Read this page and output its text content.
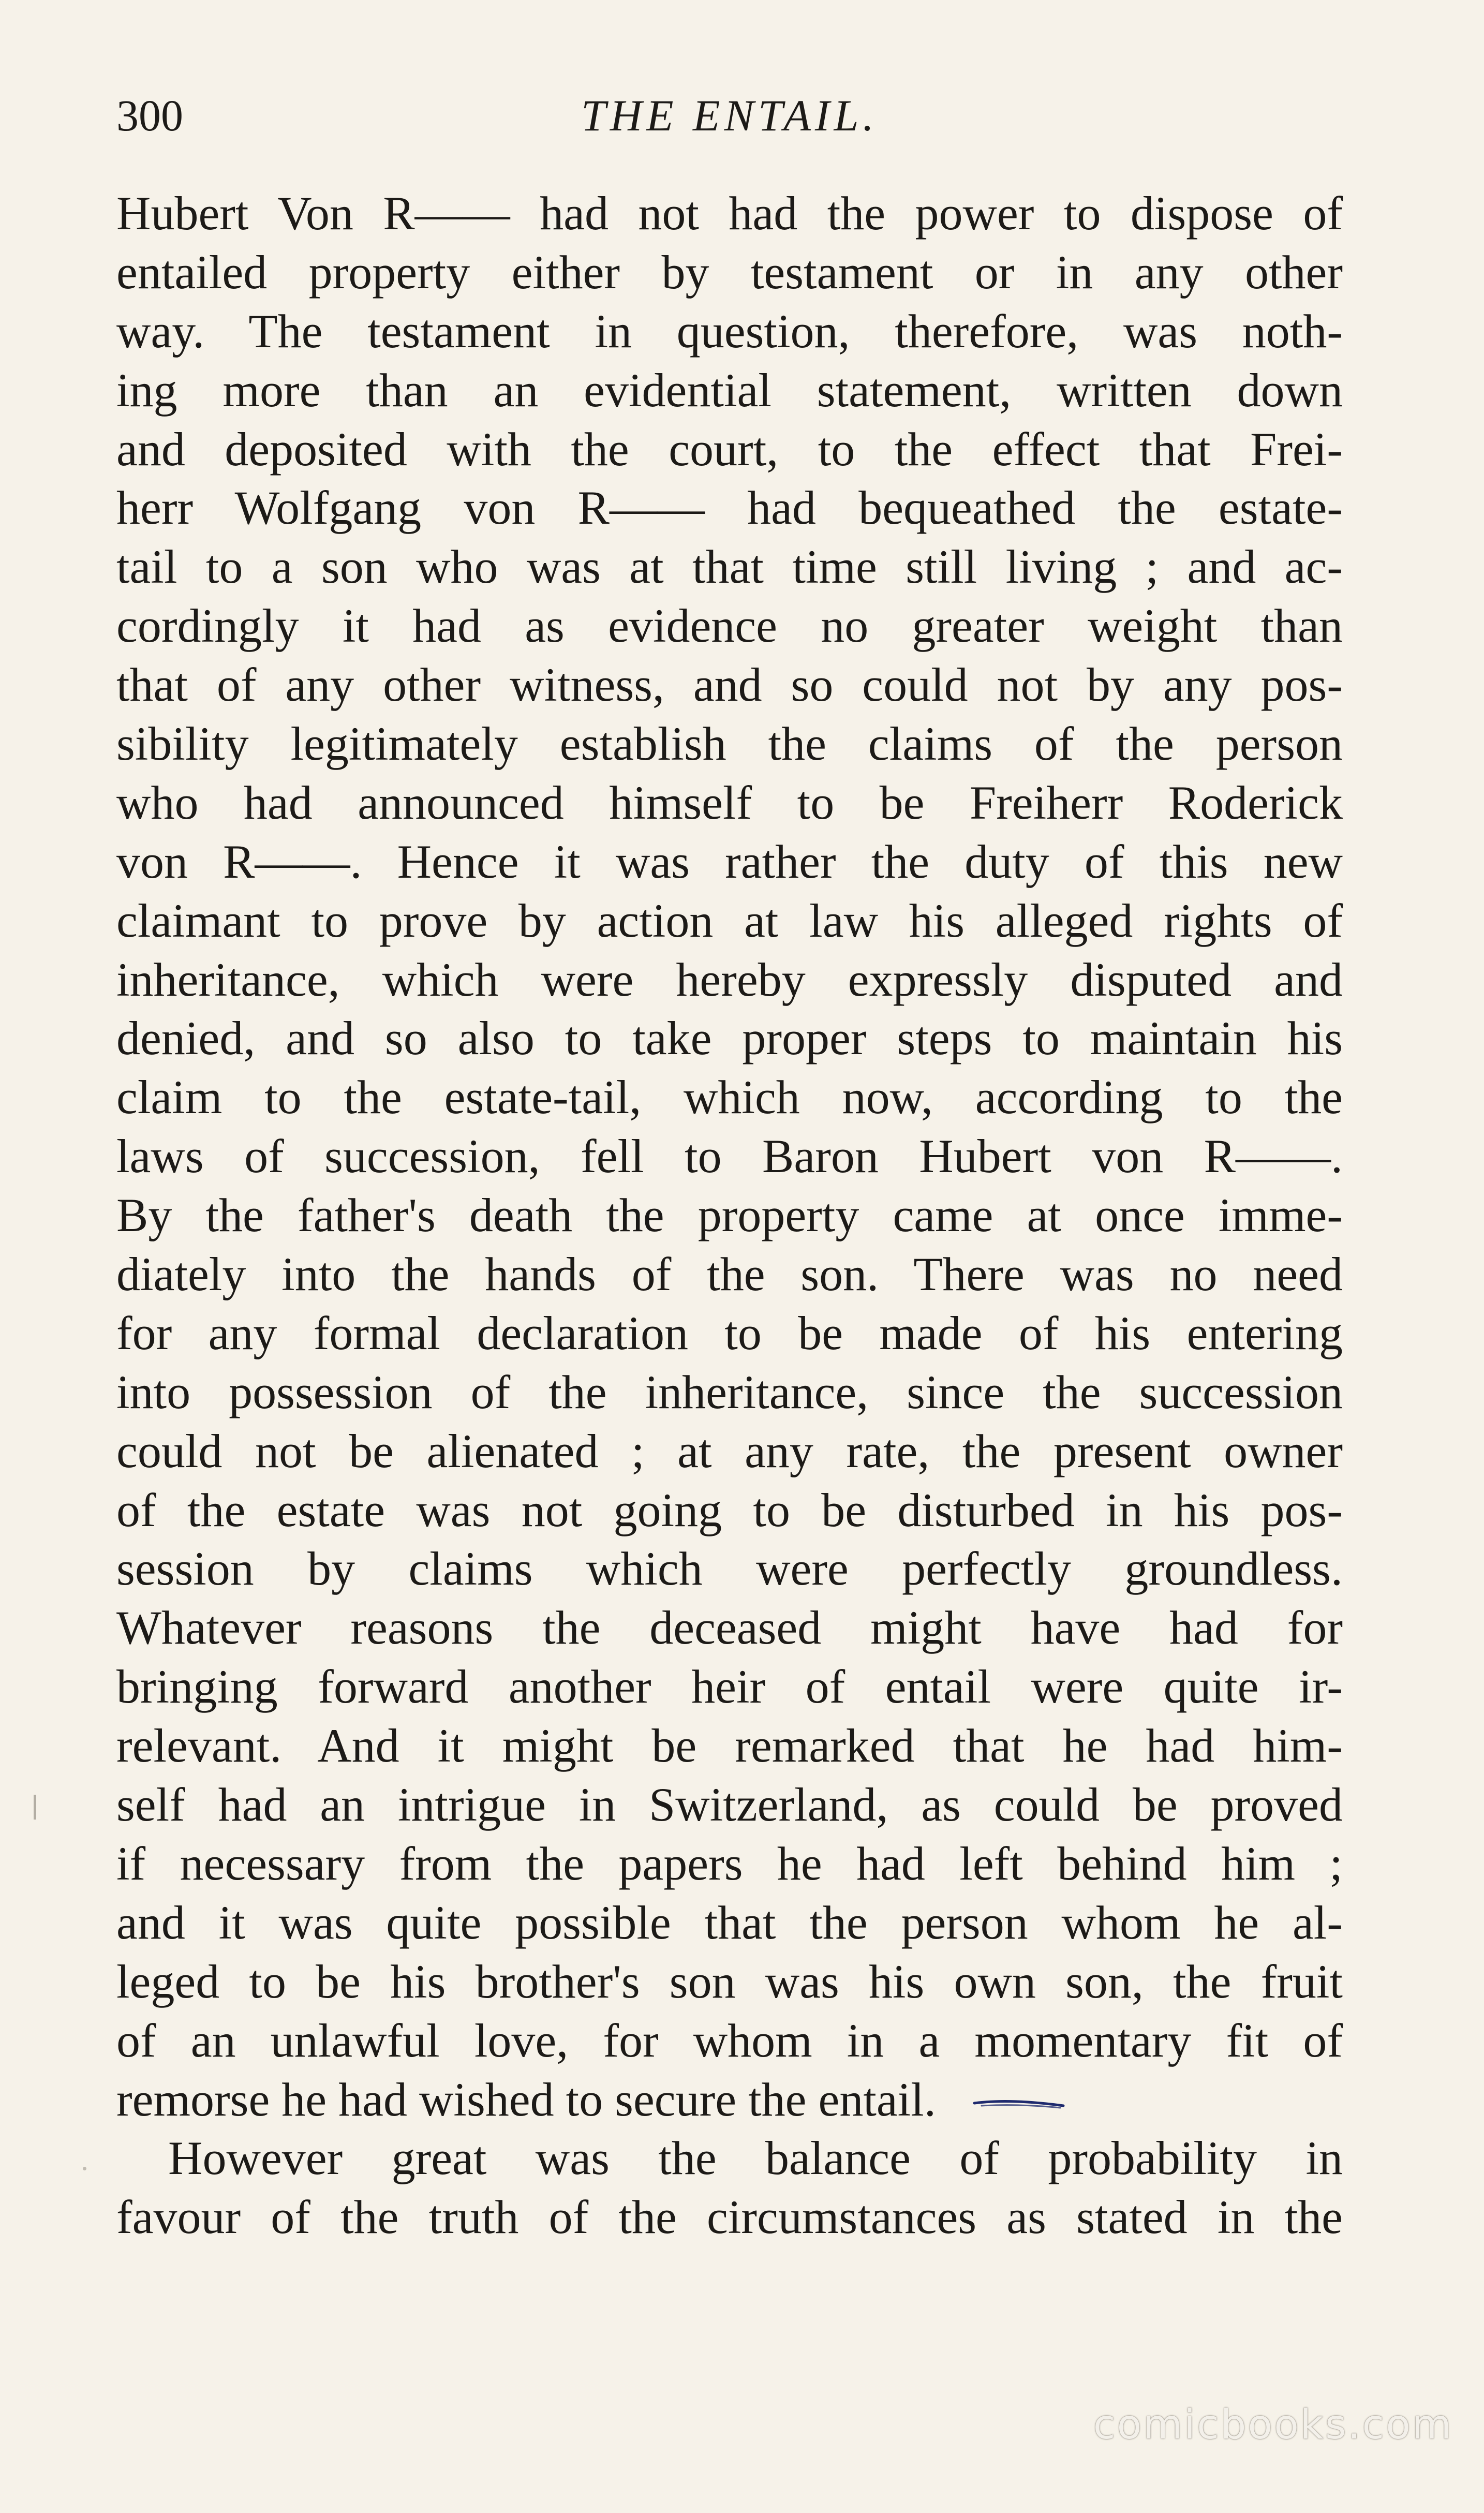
300	THE ENTAIL.
Hubert Von R—— had not had the power to dispose of
entailed property either by testament or in any other
way. The testament in question, therefore, was noth-
ing more than an evidential statement, written down
and deposited with the court, to the effect that Frei-
herr Wolfgang von R—— had bequeathed the estate-
tail to a son who was at that time still living ; and ac-
cordingly it had as evidence no greater weight than
that of any other witness, and so could not by any pos-
sibility legitimately establish the claims of the person
who had announced himself to be Freiherr Roderick
von R——. Hence it was rather the duty of this new
claimant to prove by action at law his alleged rights of
inheritance, which were hereby expressly disputed and
denied, and so also to take proper steps to maintain his
claim to the estate-tail, which now, according to the
laws of succession, fell to Baron Hubert von R——.
By the father's death the property came at once imme-
diately into the hands of the son. There was no need
for any formal declaration to be made of his entering
into possession of the inheritance, since the succession
could not be alienated ; at any rate, the present owner
of the estate was not going to be disturbed in his pos-
session by claims which were perfectly groundless.
Whatever reasons the deceased might have had for
bringing forward another heir of entail were quite ir-
relevant. And it might be remarked that he had him-
self had an intrigue in Switzerland, as could be proved
if necessary from the papers he had left behind him ;
and it was quite possible that the person whom he al-
leged to be his brother's son was his own son, the fruit
of an unlawful love, for whom in a momentary fit of
remorse he had wished to secure the entail.
However great was the balance of probability in
favour of the truth of the circumstances as stated in the
comicbooks.com
